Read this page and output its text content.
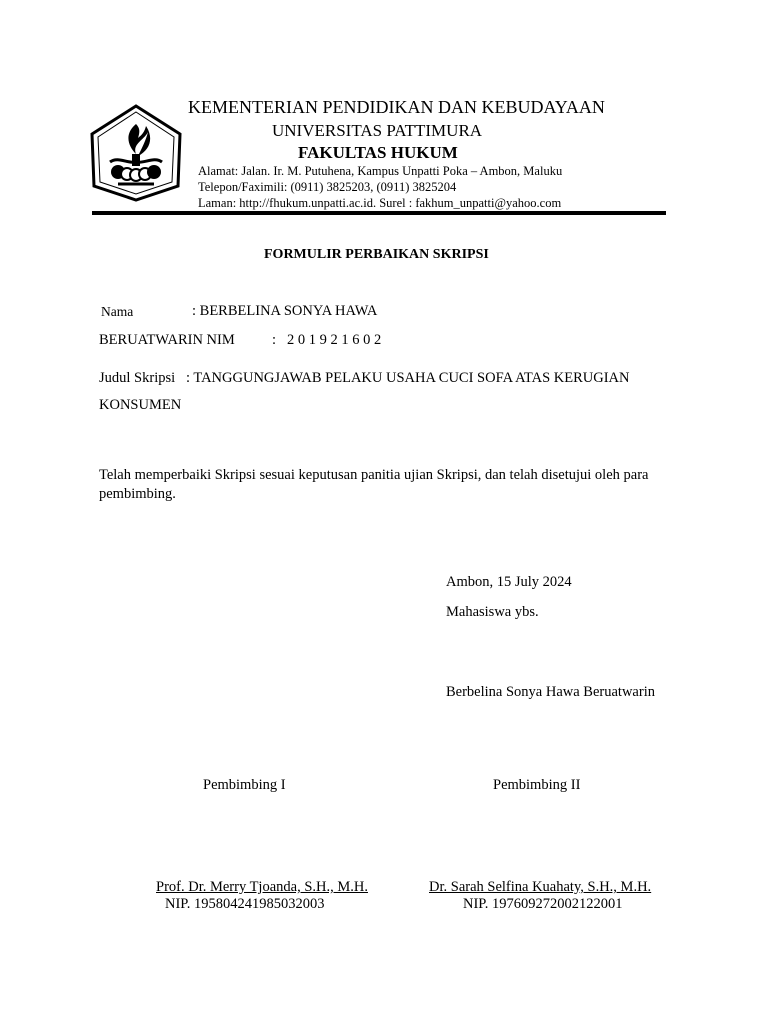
KEMENTERIAN PENDIDIKAN DAN KEBUDAYAAN
UNIVERSITAS PATTIMURA
FAKULTAS HUKUM
Alamat: Jalan. Ir. M. Putuhena, Kampus Unpatti Poka – Ambon, Maluku
Telepon/Faximili: (0911) 3825203, (0911) 3825204
Laman: http://fhukum.unpatti.ac.id. Surel : fakhum_unpatti@yahoo.com
FORMULIR PERBAIKAN SKRIPSI
Nama	: BERBELINA SONYA HAWA
BERUATWARIN NIM	: 2 0 1 9 2 1 6 0 2
Judul Skripsi : TANGGUNGJAWAB PELAKU USAHA CUCI SOFA ATAS KERUGIAN
KONSUMEN
Telah memperbaiki Skripsi sesuai keputusan panitia ujian Skripsi, dan telah disetujui oleh para pembimbing.
Ambon, 15 July 2024
Mahasiswa ybs.
Berbelina Sonya Hawa Beruatwarin
Pembimbing I	Pembimbing II
Prof. Dr. Merry Tjoanda, S.H., M.H.
NIP. 195804241985032003
Dr. Sarah Selfina Kuahaty, S.H., M.H.
NIP. 197609272002122001
